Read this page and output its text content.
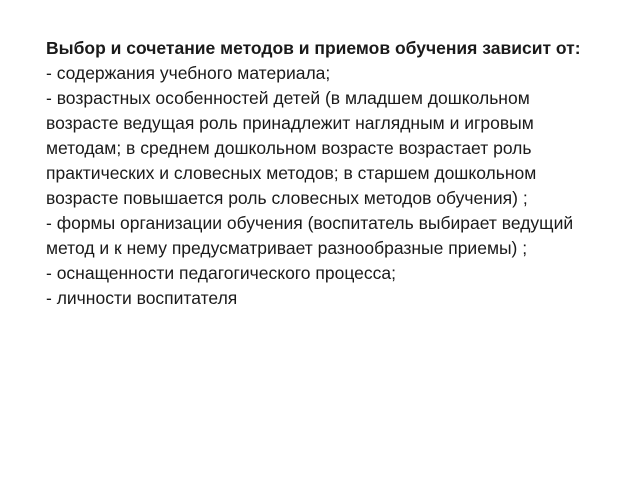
Выбор и сочетание методов и приемов обучения зависит от:

- содержания учебного материала;

- возрастных особенностей детей (в младшем дошкольном возрасте ведущая роль принадлежит наглядным и игровым методам; в среднем дошкольном возрасте возрастает роль практических и словесных методов; в старшем дошкольном возрасте повышается роль словесных методов обучения) ;

- формы организации обучения (воспитатель выбирает ведущий метод и к нему предусматривает разнообразные приемы) ;

- оснащенности педагогического процесса;

- личности воспитателя
